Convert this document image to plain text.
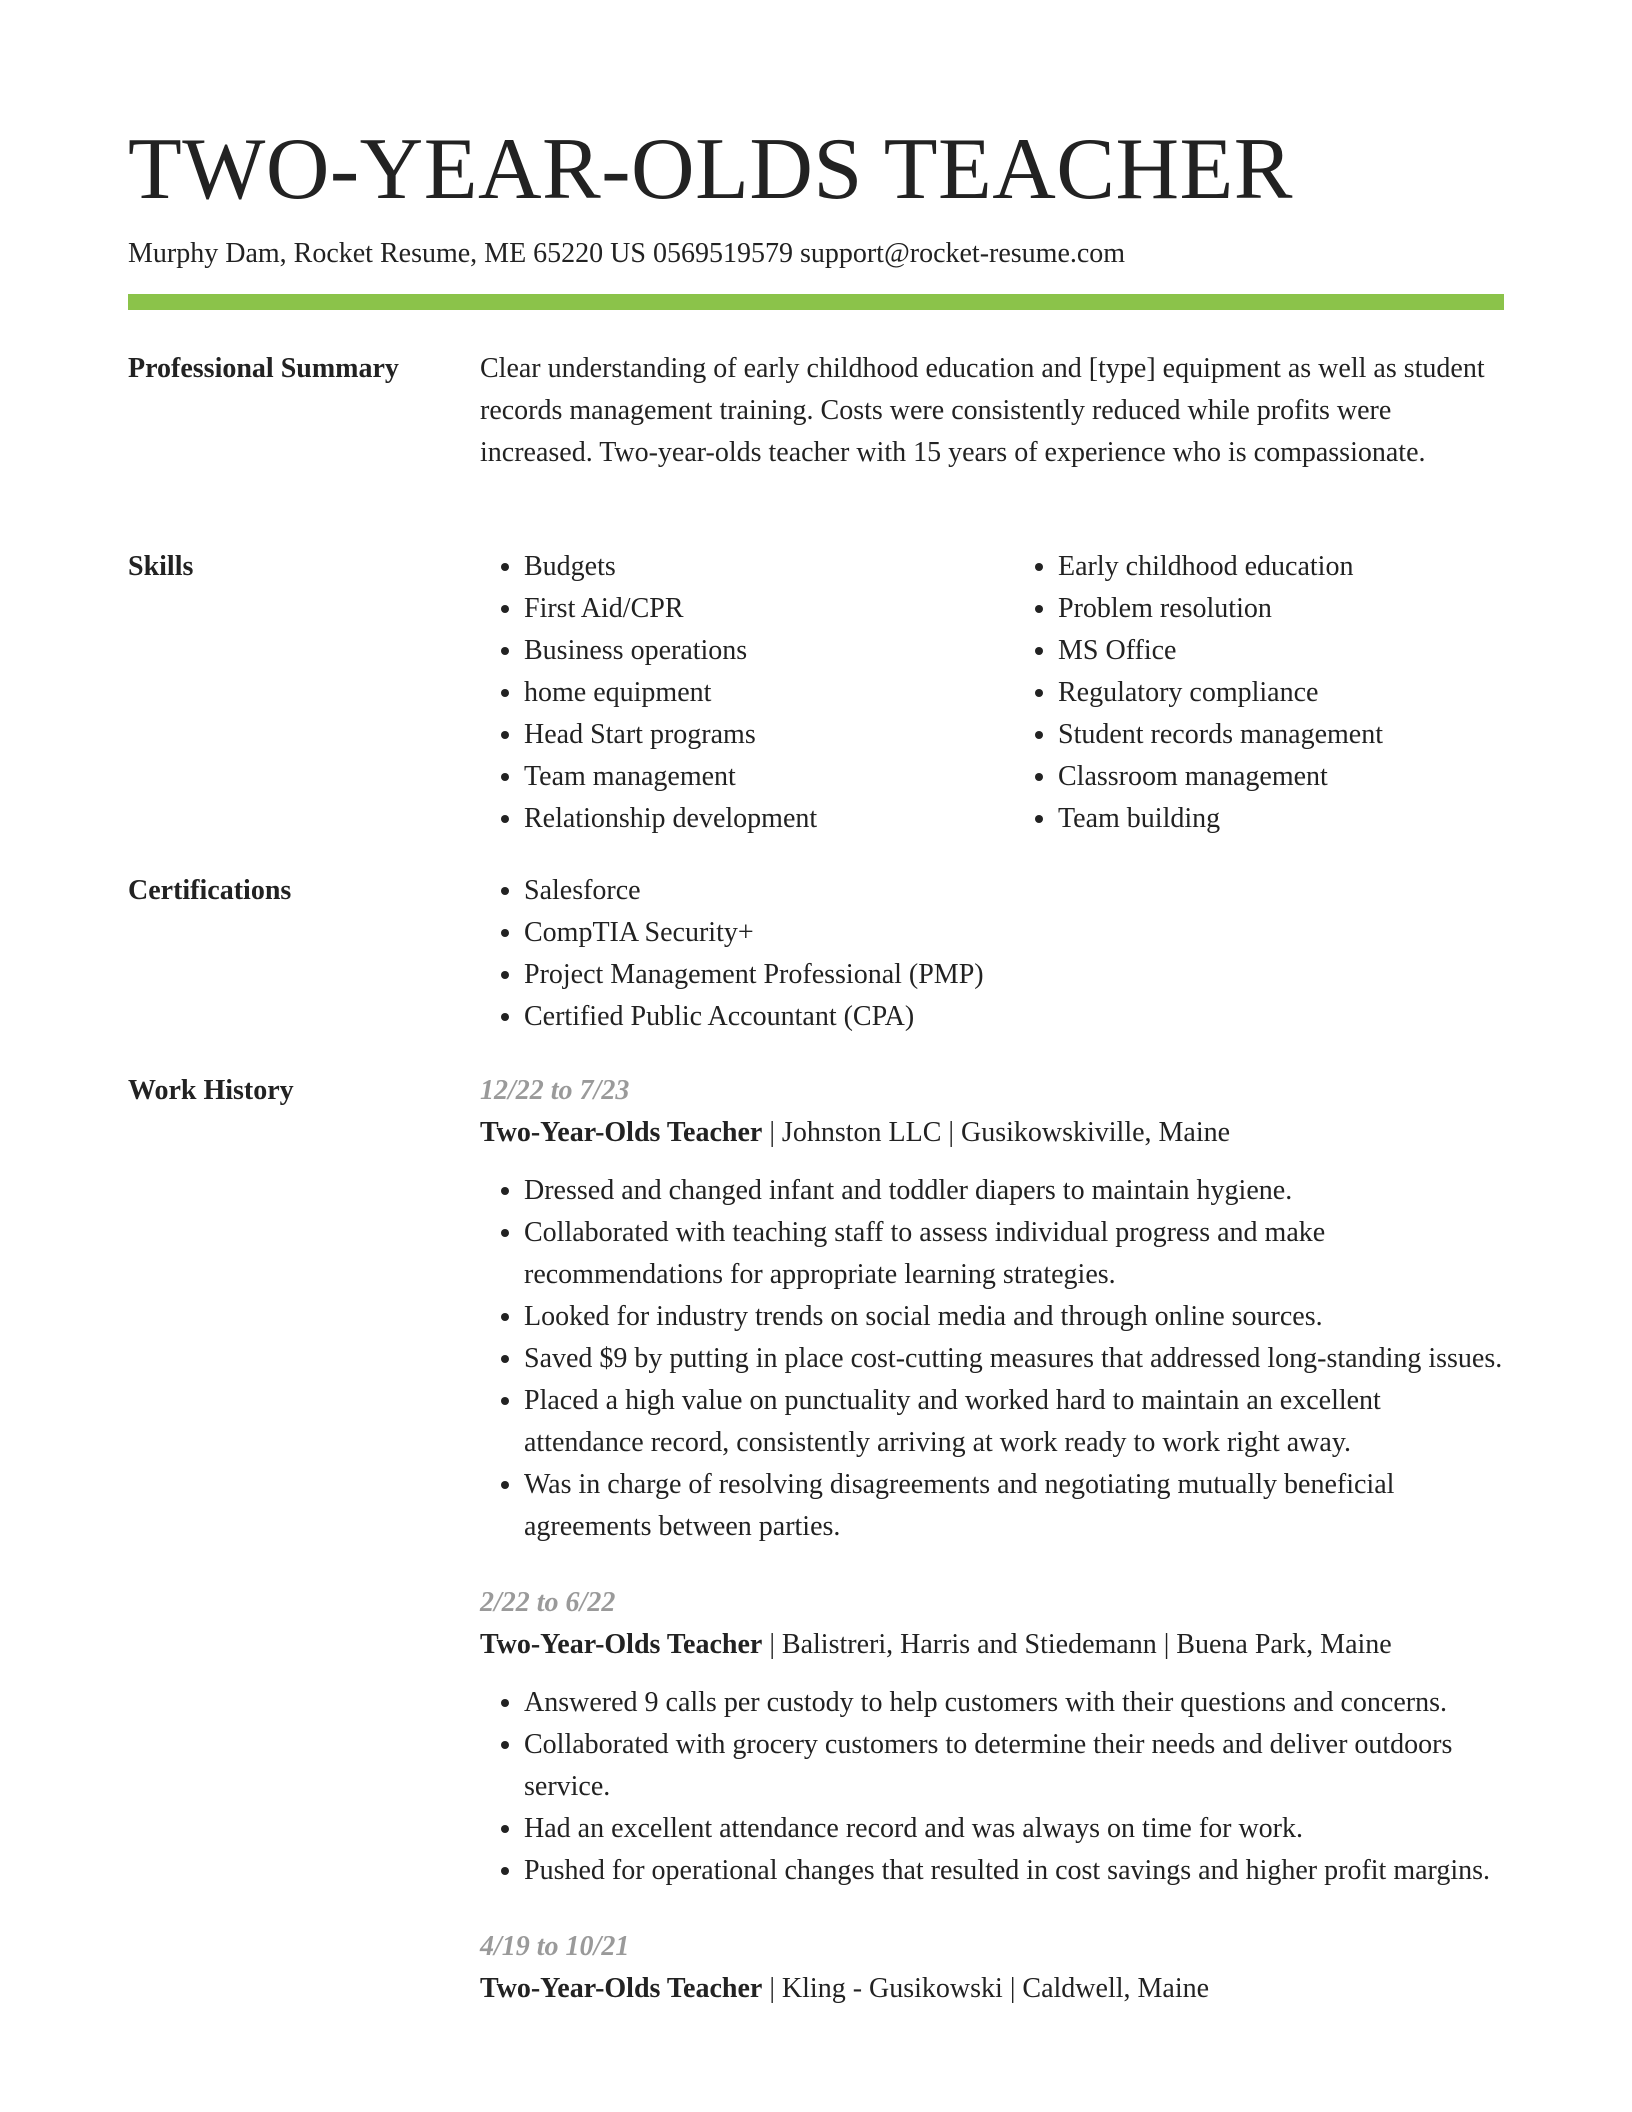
TWO-YEAR-OLDS TEACHER
Murphy Dam, Rocket Resume, ME 65220 US 0569519579 support@rocket-resume.com
Professional Summary	Clear understanding of early childhood education and [type] equipment as well as student records management training. Costs were consistently reduced while profits were increased. Two-year-olds teacher with 15 years of experience who is compassionate.

Skills	• Budgets
• First Aid/CPR
• Business operations
• home equipment
• Head Start programs
• Team management
• Relationship development
• Early childhood education
• Problem resolution
• MS Office
• Regulatory compliance
• Student records management
• Classroom management
• Team building
Certifications	• Salesforce
• CompTIA Security+
• Project Management Professional (PMP)
• Certified Public Accountant (CPA)
Work History	12/22 to 7/23
Two-Year-Olds Teacher | Johnston LLC | Gusikowskiville, Maine
• Dressed and changed infant and toddler diapers to maintain hygiene.
• Collaborated with teaching staff to assess individual progress and make recommendations for appropriate learning strategies.
• Looked for industry trends on social media and through online sources.
• Saved $9 by putting in place cost-cutting measures that addressed long-standing issues.
• Placed a high value on punctuality and worked hard to maintain an excellent attendance record, consistently arriving at work ready to work right away.
• Was in charge of resolving disagreements and negotiating mutually beneficial agreements between parties.
2/22 to 6/22
Two-Year-Olds Teacher | Balistreri, Harris and Stiedemann | Buena Park, Maine
• Answered 9 calls per custody to help customers with their questions and concerns.
• Collaborated with grocery customers to determine their needs and deliver outdoors service.
• Had an excellent attendance record and was always on time for work.
• Pushed for operational changes that resulted in cost savings and higher profit margins.
4/19 to 10/21
Two-Year-Olds Teacher | Kling - Gusikowski | Caldwell, Maine
